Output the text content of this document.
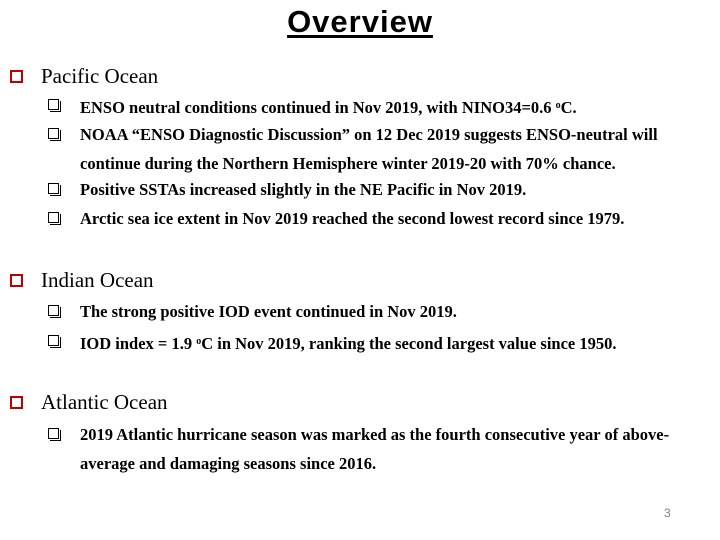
Overview
Pacific Ocean
ENSO neutral conditions continued in Nov 2019, with NINO34=0.6 $^o$C.
NOAA “ENSO Diagnostic Discussion” on 12 Dec 2019 suggests ENSO-neutral will continue during the Northern Hemisphere winter 2019-20 with 70% chance.
Positive SSTAs increased slightly in the NE Pacific in Nov 2019.
Arctic sea ice extent in Nov 2019 reached the second lowest record since 1979.
Indian Ocean
The strong positive IOD event continued in Nov 2019.
IOD index = 1.9 $^o$C in Nov 2019, ranking the second largest value since 1950.
Atlantic Ocean
2019 Atlantic hurricane season was marked as the fourth consecutive year of above-average and damaging seasons since 2016.
3
